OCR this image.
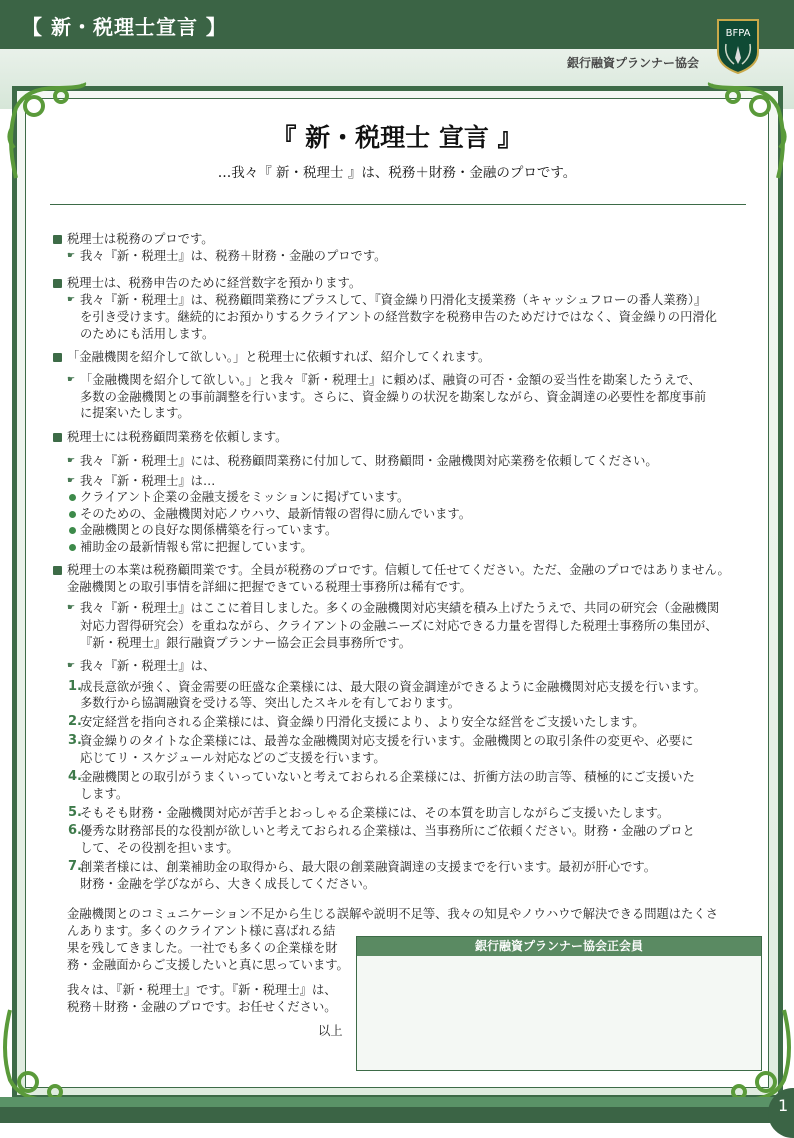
【 新・税理士宣言 】
銀行融資プランナー協会
BFPA
『 新・税理士 宣言 』
…我々『 新・税理士 』は、税務＋財務・金融のプロです。
税理士は税務のプロです。
☛ 我々『新・税理士』は、税務＋財務・金融のプロです。
税理士は、税務申告のために経営数字を預かります。
☛ 我々『新・税理士』は、税務顧問業務にプラスして、『資金繰り円滑化支援業務（キャッシュフローの番人業務）』
を引き受けます。継続的にお預かりするクライアントの経営数字を税務申告のためだけではなく、資金繰りの円滑化
のためにも活用します。
「金融機関を紹介して欲しい。」と税理士に依頼すれば、紹介してくれます。
☛ 「金融機関を紹介して欲しい。」と我々『新・税理士』に頼めば、融資の可否・金額の妥当性を勘案したうえで、
多数の金融機関との事前調整を行います。さらに、資金繰りの状況を勘案しながら、資金調達の必要性を都度事前
に提案いたします。
税理士には税務顧問業務を依頼します。
☛ 我々『新・税理士』には、税務顧問業務に付加して、財務顧問・金融機関対応業務を依頼してください。
☛ 我々『新・税理士』は…
クライアント企業の金融支援をミッションに掲げています。
そのための、金融機関対応ノウハウ、最新情報の習得に励んでいます。
金融機関との良好な関係構築を行っています。
補助金の最新情報も常に把握しています。
税理士の本業は税務顧問業です。全員が税務のプロです。信頼して任せてください。ただ、金融のプロではありません。
金融機関との取引事情を詳細に把握できている税理士事務所は稀有です。
☛ 我々『新・税理士』はここに着目しました。多くの金融機関対応実績を積み上げたうえで、共同の研究会（金融機関
対応力習得研究会）を重ねながら、クライアントの金融ニーズに対応できる力量を習得した税理士事務所の集団が、
『新・税理士』銀行融資プランナー協会正会員事務所です。
☛ 我々『新・税理士』は、
1.
成長意欲が強く、資金需要の旺盛な企業様には、最大限の資金調達ができるように金融機関対応支援を行います。
多数行から協調融資を受ける等、突出したスキルを有しております。
2.
安定経営を指向される企業様には、資金繰り円滑化支援により、より安全な経営をご支援いたします。
3.
資金繰りのタイトな企業様には、最善な金融機関対応支援を行います。金融機関との取引条件の変更や、必要に
応じてリ・スケジュール対応などのご支援を行います。
4.
金融機関との取引がうまくいっていないと考えておられる企業様には、折衝方法の助言等、積極的にご支援いた
します。
5.
そもそも財務・金融機関対応が苦手とおっしゃる企業様には、その本質を助言しながらご支援いたします。
6.
優秀な財務部長的な役割が欲しいと考えておられる企業様は、当事務所にご依頼ください。財務・金融のプロと
して、その役割を担います。
7.
創業者様には、創業補助金の取得から、最大限の創業融資調達の支援までを行います。最初が肝心です。
財務・金融を学びながら、大きく成長してください。
金融機関とのコミュニケーション不足から生じる誤解や説明不足等、我々の知見やノウハウで解決できる問題はたくさ
んあります。多くのクライアント様に喜ばれる結
果を残してきました。一社でも多くの企業様を財
務・金融面からご支援したいと真に思っています。
我々は、『新・税理士』です。『新・税理士』は、
税務＋財務・金融のプロです。お任せください。
以上
銀行融資プランナー協会正会員
1
